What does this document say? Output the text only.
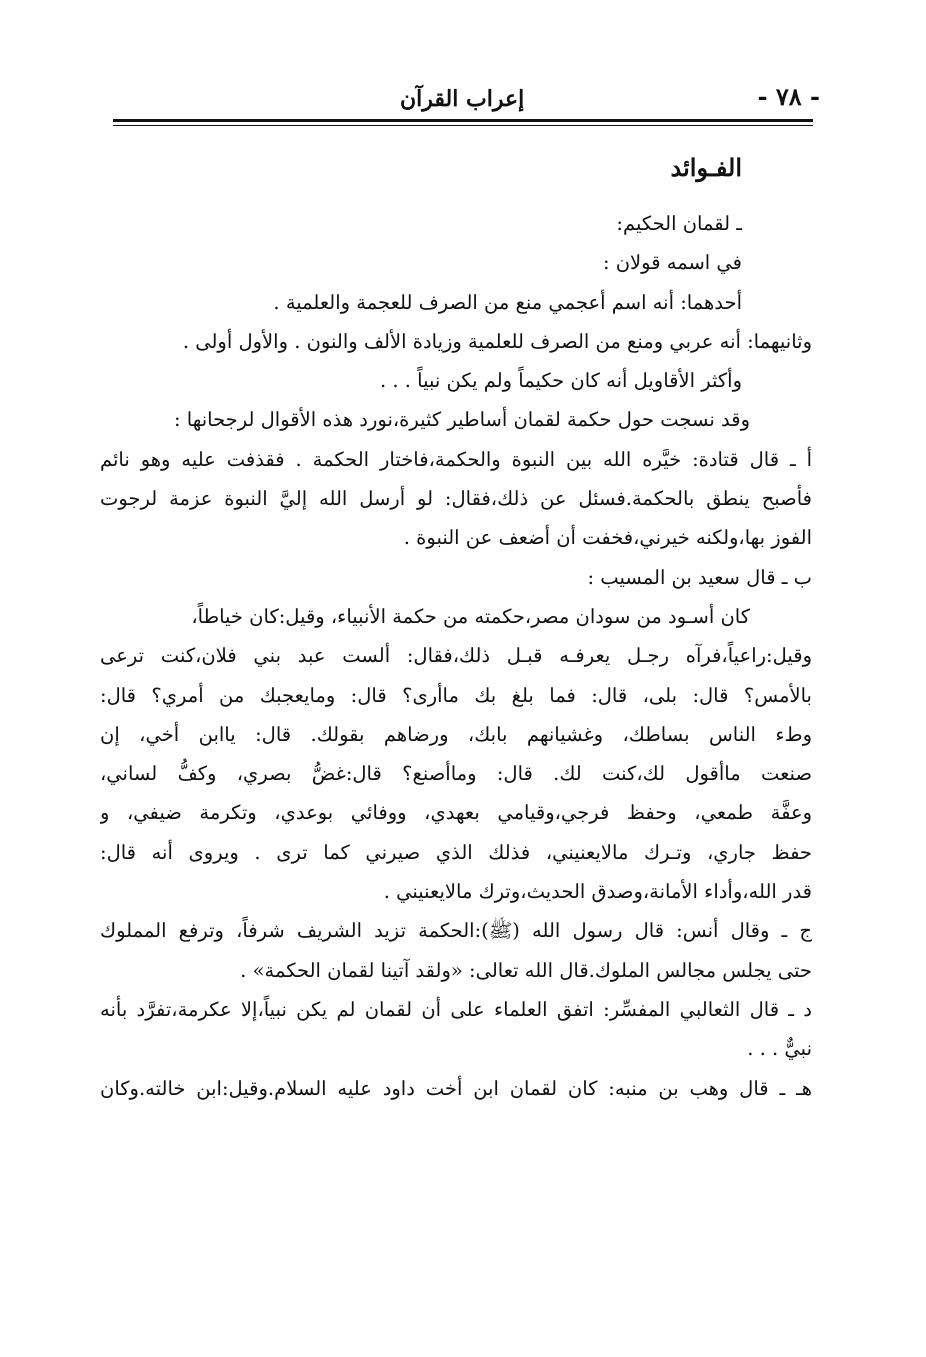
- ٧٨ -
إعراب القرآن
الفـوائد

ـ لقمان الحكيم:

في اسمه قولان :

أحدهما: أنه اسم أعجمي منع من الصرف للعجمة والعلمية .

وثانيهما: أنه عربي ومنع من الصرف للعلمية وزيادة الألف والنون . والأول أولى .

وأكثر الأقاويل أنه كان حكيماً ولم يكن نبياً . . .

وقد نسجت حول حكمة لقمان أساطير كثيرة،نورد هذه الأقوال لرجحانها :

أ ـ قال قتادة: خيَّره الله بين النبوة والحكمة،فاختار الحكمة . فقذفت عليه وهو نائم

فأصبح ينطق بالحكمة.فسئل عن ذلك،فقال: لو أرسل الله إليَّ النبوة عزمة لرجوت

الفوز بها،ولكنه خيرني،فخفت أن أضعف عن النبوة .

ب ـ قال سعيد بن المسيب :

كان أسـود من سودان مصر،حكمته من حكمة الأنبياء، وقيل:كان خياطاً،

وقيل:راعياً،فرآه رجـل يعرفـه قبـل ذلك،فقال: ألست عبد بني فلان،كنت ترعى

بالأمس؟ قال: بلى، قال: فما بلغ بك ماأرى؟ قال: ومايعجبك من أمري؟ قال:

وطء الناس بساطك، وغشيانهم بابك، ورضاهم بقولك. قال: ياابن أخي، إن

صنعت ماأقول لك،كنت لك. قال: وماأصنع؟ قال:غضُّ بصري، وكفُّ لساني،

وعفَّة طمعي، وحفظ فرجي،وقيامي بعهدي، ووفائي بوعدي، وتكرمة ضيفي، و

حفظ جاري، وتـرك مالايعنيني، فذلك الذي صيرني كما ترى . ويروى أنه قال:

قدر الله،وأداء الأمانة،وصدق الحديث،وترك مالايعنيني .

ج ـ وقال أنس: قال رسول الله (ﷺ):الحكمة تزيد الشريف شرفاً، وترفع المملوك

حتى يجلس مجالس الملوك.قال الله تعالى: «ولقد آتينا لقمان الحكمة» .

د ـ قال الثعالبي المفسِّر: اتفق العلماء على أن لقمان لم يكن نبياً،إلا عكرمة،تفرَّد بأنه

نبيٌّ . . .

هـ ـ قال وهب بن منبه: كان لقمان ابن أخت داود عليه السلام.وقيل:ابن خالته.وكان
